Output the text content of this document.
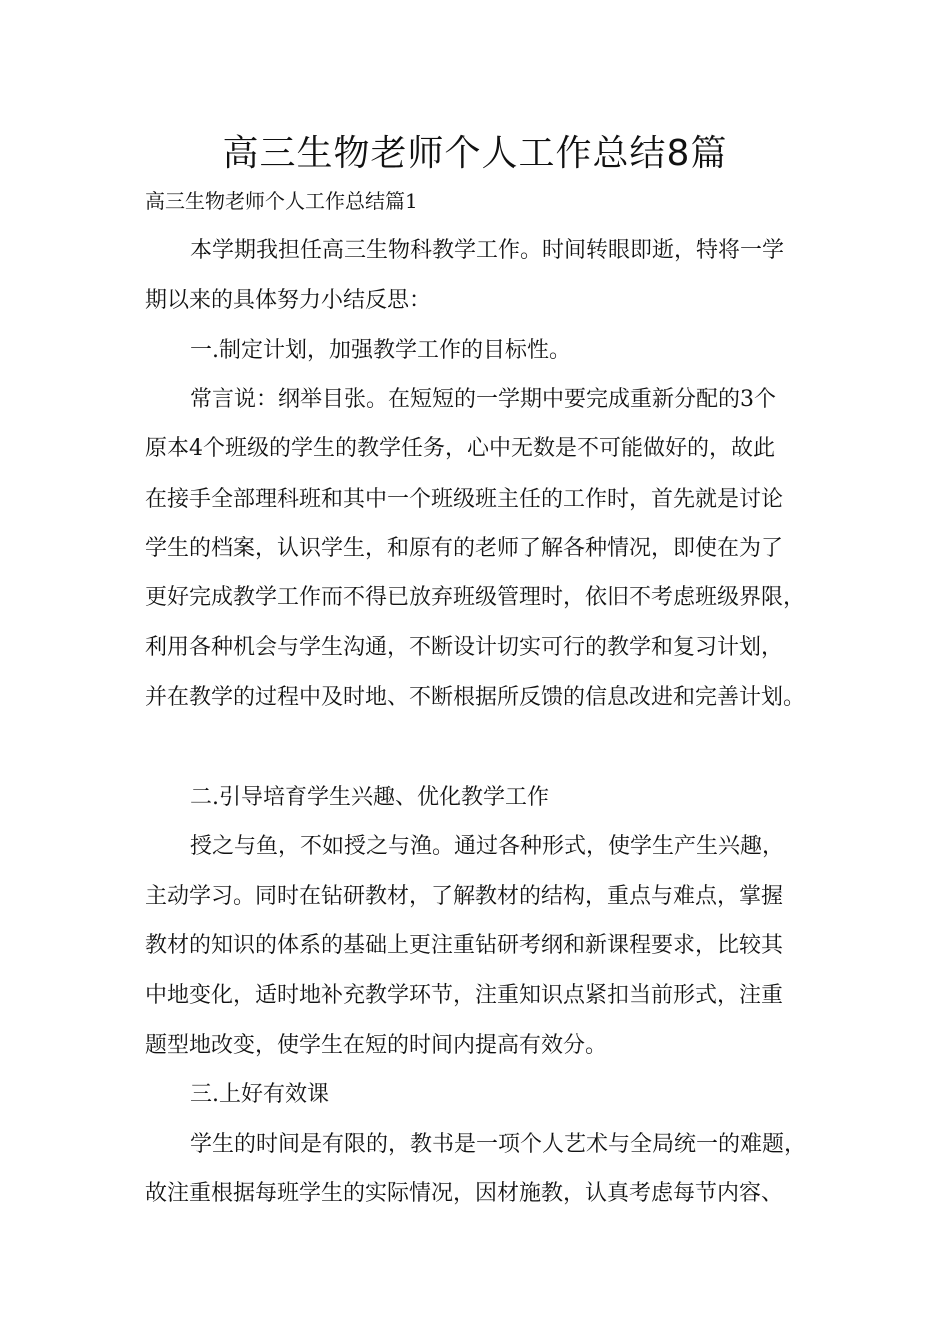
高三生物老师个人工作总结8篇
高三生物老师个人工作总结篇1
本学期我担任高三生物科教学工作。时间转眼即逝，特将一学
期以来的具体努力小结反思：
一.制定计划，加强教学工作的目标性。
常言说：纲举目张。在短短的一学期中要完成重新分配的3个
原本4个班级的学生的教学任务，心中无数是不可能做好的，故此
在接手全部理科班和其中一个班级班主任的工作时，首先就是讨论
学生的档案，认识学生，和原有的老师了解各种情况，即使在为了
更好完成教学工作而不得已放弃班级管理时，依旧不考虑班级界限，
利用各种机会与学生沟通，不断设计切实可行的教学和复习计划，
并在教学的过程中及时地、不断根据所反馈的信息改进和完善计划。
二.引导培育学生兴趣、优化教学工作
授之与鱼，不如授之与渔。通过各种形式，使学生产生兴趣，
主动学习。同时在钻研教材，了解教材的结构，重点与难点，掌握
教材的知识的体系的基础上更注重钻研考纲和新课程要求，比较其
中地变化，适时地补充教学环节，注重知识点紧扣当前形式，注重
题型地改变，使学生在短的时间内提高有效分。
三.上好有效课
学生的时间是有限的，教书是一项个人艺术与全局统一的难题，
故注重根据每班学生的实际情况，因材施教，认真考虑每节内容、
